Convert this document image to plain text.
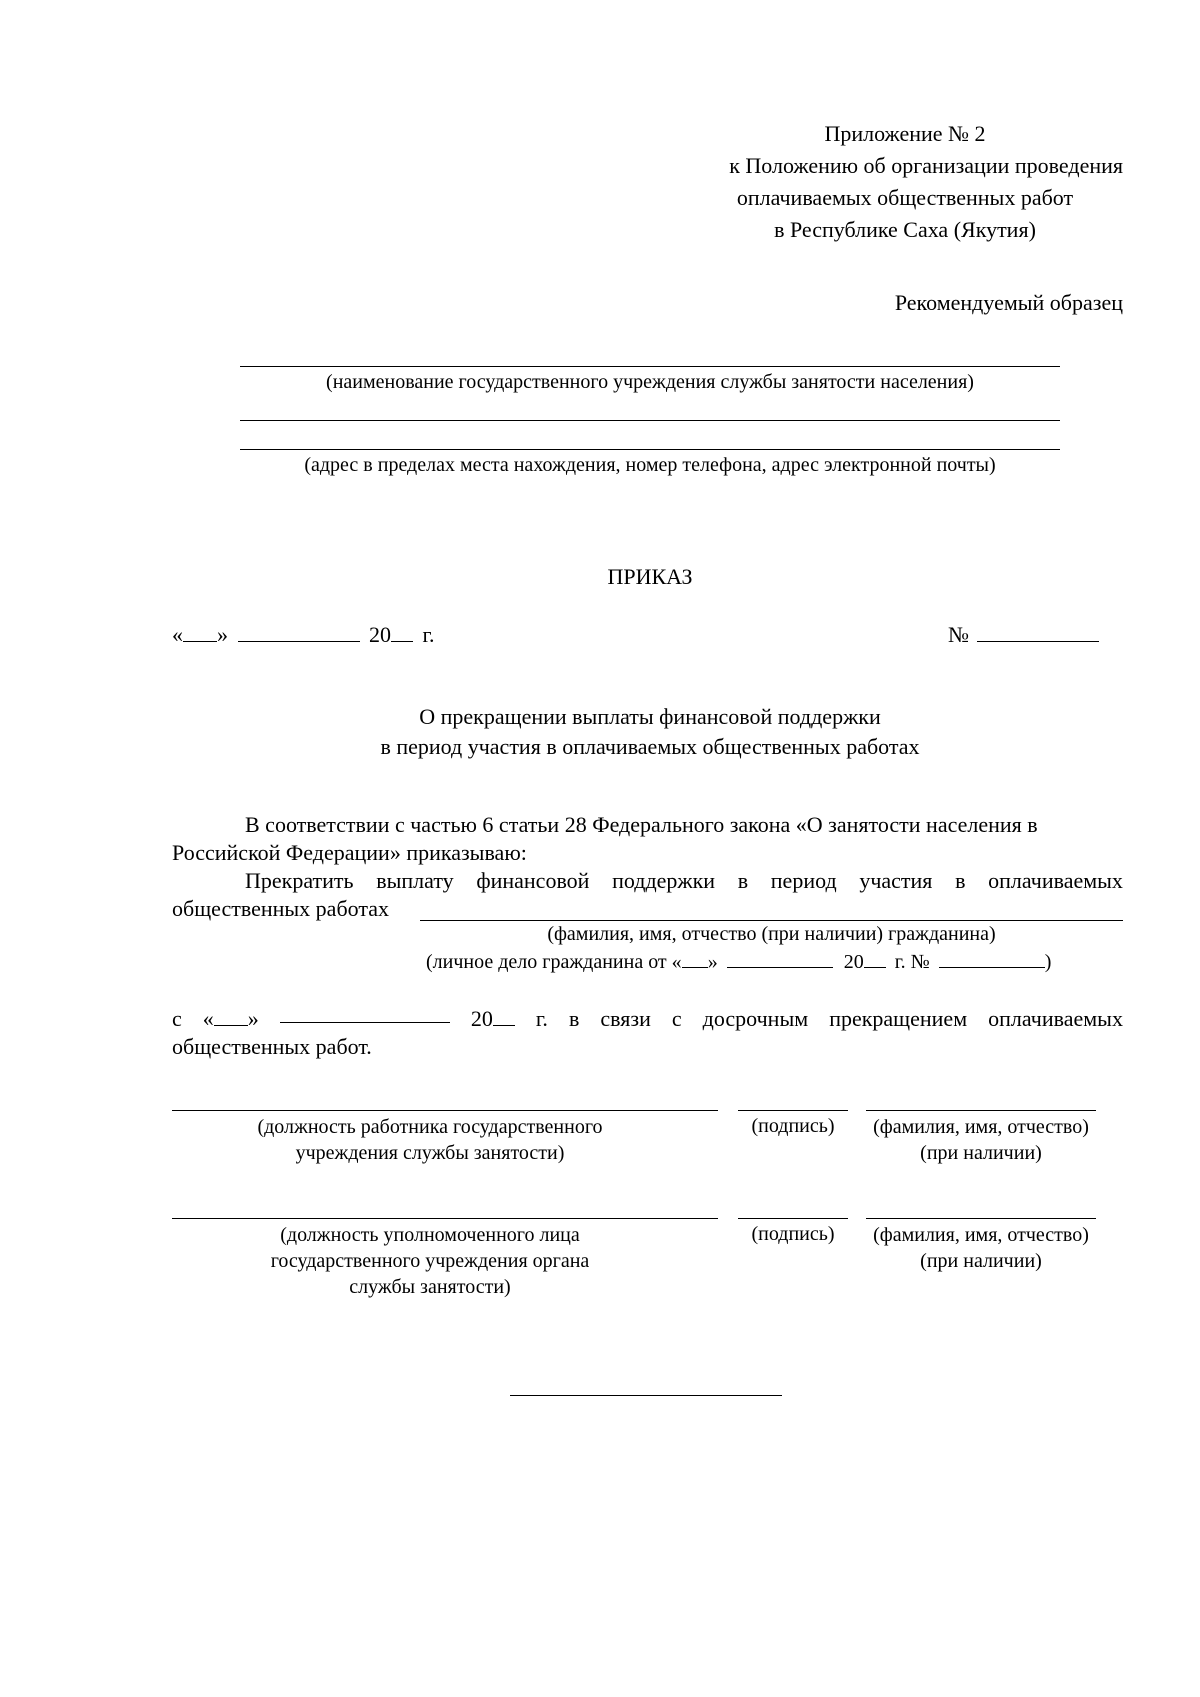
Приложение № 2
к Положению об организации проведения
оплачиваемых общественных работ
в Республике Саха (Якутия)
Рекомендуемый образец
(наименование государственного учреждения службы занятости населения)
(адрес в пределах места нахождения, номер телефона, адрес электронной почты)
ПРИКАЗ
« »	20 г.	№
О прекращении выплаты финансовой поддержки
в период участия в оплачиваемых общественных работах
В соответствии с частью 6 статьи 28 Федерального закона «О занятости населения в
Российской Федерации» приказываю:
Прекратить выплату финансовой поддержки в период участия в оплачиваемых
общественных работах
(фамилия, имя, отчество (при наличии) гражданина)
(личное дело гражданина от « »	20 г. №	)
с « »	20	г. в связи с досрочным прекращением оплачиваемых
общественных работ.
(должность работника государственного
учреждения службы занятости)
(подпись)	(фамилия, имя, отчество)
(при наличии)
(должность уполномоченного лица
государственного учреждения органа
службы занятости)
(подпись)	(фамилия, имя, отчество)
(при наличии)
